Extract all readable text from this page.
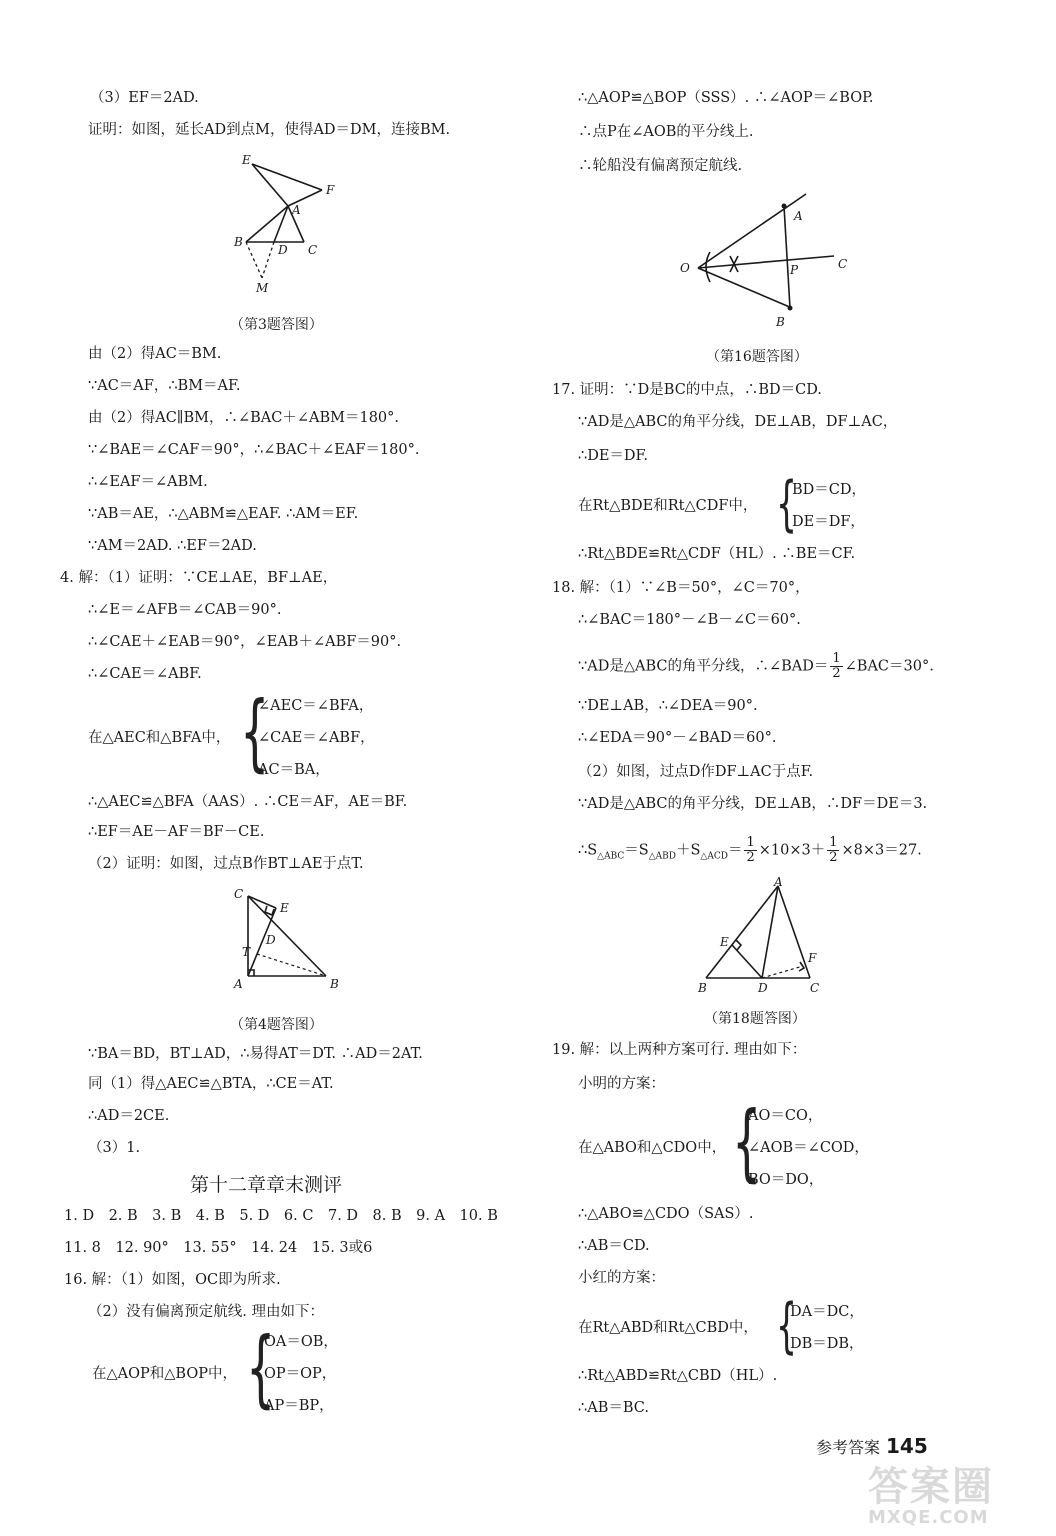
（3）EF＝2AD.
证明：如图，延长AD到点M，使得AD＝DM，连接BM.
E
F
A
B
D C
M
（第3题答图）
由（2）得AC＝BM.
∵AC＝AF，∴BM＝AF.
由（2）得AC∥BM，∴∠BAC＋∠ABM＝180°.
∵∠BAE＝∠CAF＝90°，∴∠BAC＋∠EAF＝180°.
∴∠EAF＝∠ABM.
∵AB＝AE，∴△ABM≌△EAF. ∴AM＝EF.
∵AM＝2AD. ∴EF＝2AD.
4. 解：（1）证明：∵CE⊥AE，BF⊥AE，
∴∠E＝∠AFB＝∠CAB＝90°.
∴∠CAE＋∠EAB＝90°，∠EAB＋∠ABF＝90°.
∴∠CAE＝∠ABF.
在△AEC和△BFA中， {
∠AEC＝∠BFA，
∠CAE＝∠ABF，
AC＝BA，
∴△AEC≌△BFA（AAS）. ∴CE＝AF，AE＝BF.
∴EF＝AE－AF＝BF－CE.
（2）证明：如图，过点B作BT⊥AE于点T.
C
E
D
T
A	B
（第4题答图）
∵BA＝BD，BT⊥AD，∴易得AT＝DT. ∴AD＝2AT.
同（1）得△AEC≌△BTA，∴CE＝AT.
∴AD＝2CE.
（3）1.
第十二章章末测评
1. D　2. B　3. B　4. B　5. D　6. C　7. D　8. B　9. A　10. B
11. 8　12. 90°　13. 55°　14. 24　15. 3或6
16. 解：（1）如图，OC即为所求.
（2）没有偏离预定航线. 理由如下：
在△AOP和△BOP中， {
OA＝OB，
OP＝OP，
AP＝BP，
∴△AOP≌△BOP（SSS）. ∴∠AOP＝∠BOP.
∴点P在∠AOB的平分线上.
∴轮船没有偏离预定航线.
A
O	P	C
B
（第16题答图）
17. 证明：∵D是BC的中点，∴BD＝CD.
∵AD是△ABC的角平分线，DE⊥AB，DF⊥AC，
∴DE＝DF.
在Rt△BDE和Rt△CDF中， {
BD＝CD，
DE＝DF，
∴Rt△BDE≌Rt△CDF（HL）. ∴BE＝CF.
18. 解：（1）∵∠B＝50°，∠C＝70°，
∴∠BAC＝180°－∠B－∠C＝60°.
∵AD是△ABC的角平分线，∴∠BAD＝ $\frac{1}{2}$ ∠BAC＝30°.
∵DE⊥AB，∴∠DEA＝90°.
∴∠EDA＝90°－∠BAD＝60°.
（2）如图，过点D作DF⊥AC于点F.
∵AD是△ABC的角平分线，DE⊥AB，∴DF＝DE＝3.
$\therefore S_{\triangle ABC}=S_{\triangle ABD}+S_{\triangle ACD}= \frac{1}{2} \times 10\times 3+ \frac{1}{2} \times 8\times 3=27$.
A
E
F
B	D	C
（第18题答图）
19. 解：以上两种方案可行. 理由如下：
小明的方案：
在△ABO和△CDO中， {
AO＝CO，
∠AOB＝∠COD，
BO＝DO，
∴△ABO≌△CDO（SAS）.
∴AB＝CD.
小红的方案：
在Rt△ABD和Rt△CBD中， {
DA＝DC，
DB＝DB，
∴Rt△ABD≌Rt△CBD（HL）.
∴AB＝BC.
参考答案 145
答案圈
MXQE.COM
